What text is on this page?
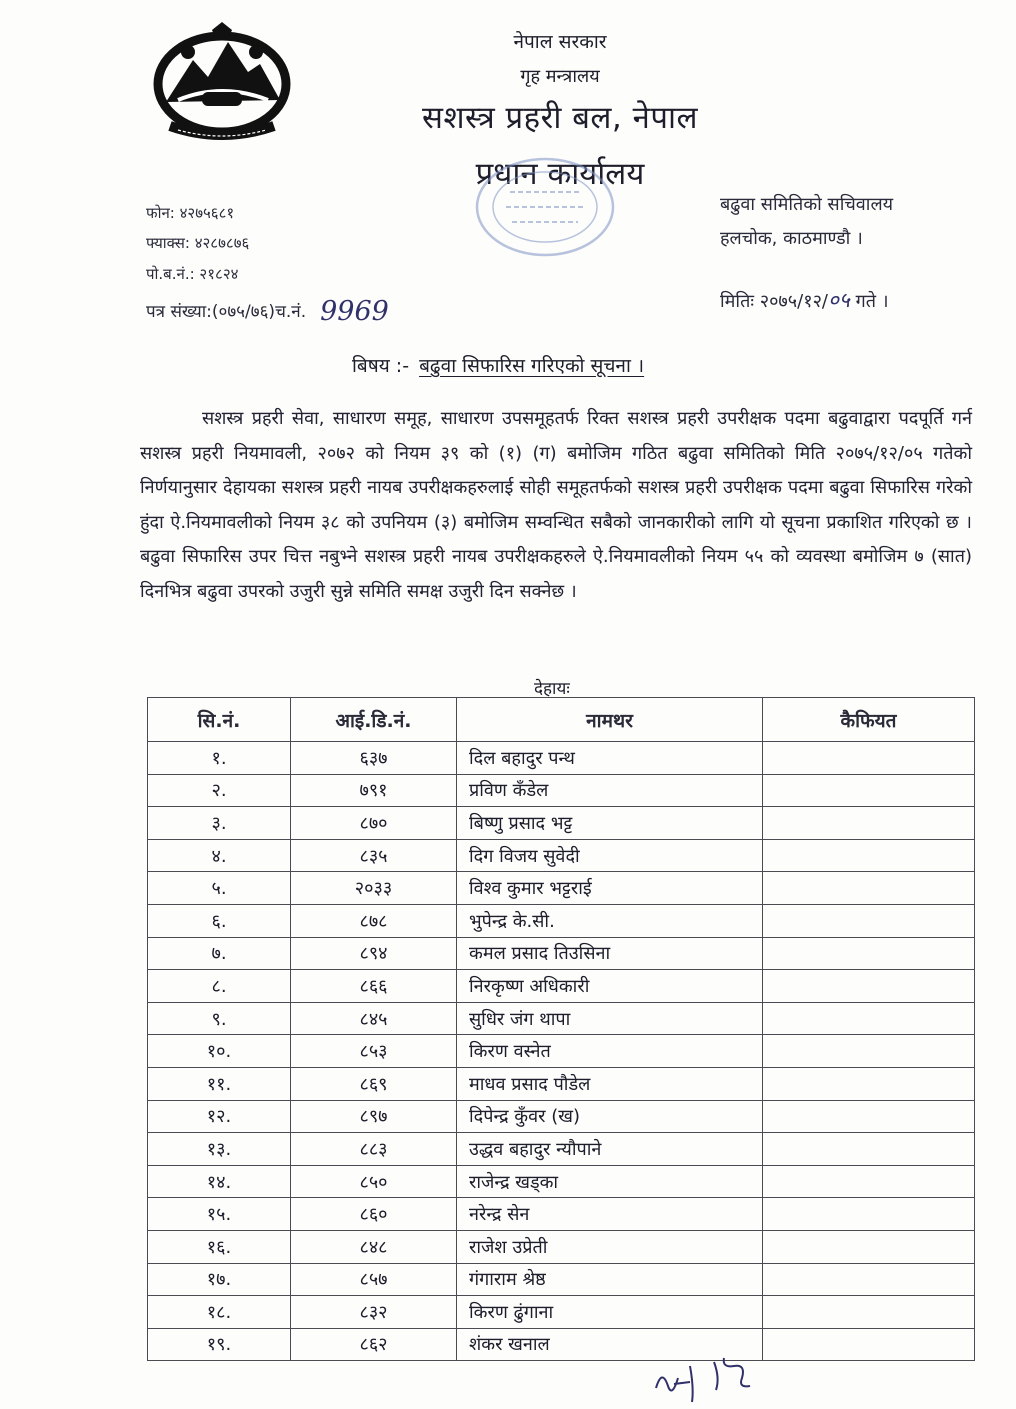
नेपाल सरकार
गृह मन्त्रालय
सशस्त्र प्रहरी बल, नेपाल
प्रधान कार्यालय
फोन: ४२७५६८१
फ्याक्स: ४२८७८७६
पो.ब.नं.: २१८२४
पत्र संख्या:(०७५/७६)च.नं. 9969
बढुवा समितिको सचिवालय
हलचोक, काठमाण्डौ ।
मितिः २०७५/१२/०५ गते ।
बिषय :- बढुवा सिफारिस गरिएको सूचना ।
सशस्त्र प्रहरी सेवा, साधारण समूह, साधारण उपसमूहतर्फ रिक्त सशस्त्र प्रहरी उपरीक्षक पदमा बढुवाद्वारा पदपूर्ति गर्न सशस्त्र प्रहरी नियमावली, २०७२ को नियम ३९ को (१) (ग) बमोजिम गठित बढुवा समितिको मिति २०७५/१२/०५ गतेको निर्णयानुसार देहायका सशस्त्र प्रहरी नायब उपरीक्षकहरुलाई सोही समूहतर्फको सशस्त्र प्रहरी उपरीक्षक पदमा बढुवा सिफारिस गरेको हुंदा ऐ.नियमावलीको नियम ३८ को उपनियम (३) बमोजिम सम्वन्धित सबैको जानकारीको लागि यो सूचना प्रकाशित गरिएको छ । बढुवा सिफारिस उपर चित्त नबुभ्ने सशस्त्र प्रहरी नायब उपरीक्षकहरुले ऐ.नियमावलीको नियम ५५ को व्यवस्था बमोजिम ७ (सात) दिनभित्र बढुवा उपरको उजुरी सुन्ने समिति समक्ष उजुरी दिन सक्नेछ ।
देहायः
सि.नं.	आई.डि.नं.	नामथर	कैफियत
१.	६३७	दिल बहादुर पन्थ	
२.	७९१	प्रविण कँडेल	
३.	८७०	बिष्णु प्रसाद भट्ट	
४.	८३५	दिग विजय सुवेदी	
५.	२०३३	विश्व कुमार भट्टराई	
६.	८७८	भुपेन्द्र के.सी.	
७.	८९४	कमल प्रसाद तिउसिना	
८.	८६६	निरकृष्ण अधिकारी	
९.	८४५	सुधिर जंग थापा	
१०.	८५३	किरण वस्नेत	
११.	८६९	माधव प्रसाद पौडेल	
१२.	८९७	दिपेन्द्र कुँवर (ख)	
१३.	८८३	उद्धव बहादुर न्यौपाने	
१४.	८५०	राजेन्द्र खड्का	
१५.	८६०	नरेन्द्र सेन	
१६.	८४८	राजेश उप्रेती	
१७.	८५७	गंगाराम श्रेष्ठ	
१८.	८३२	किरण ढुंगाना	
१९.	८६२	शंकर खनाल	
